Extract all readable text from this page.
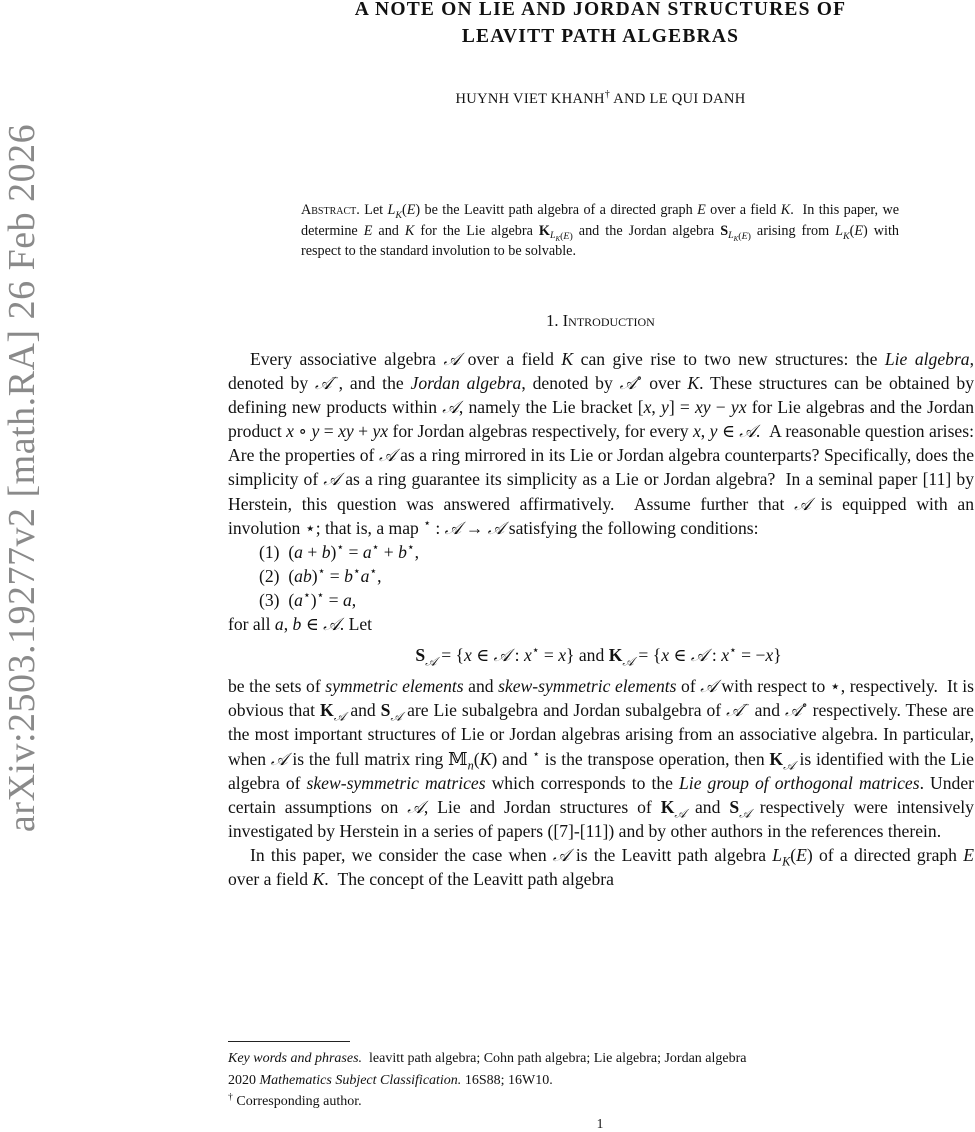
arXiv:2503.19277v2 [math.RA] 26 Feb 2026
A NOTE ON LIE AND JORDAN STRUCTURES OF
LEAVITT PATH ALGEBRAS
HUYNH VIET KHANH† AND LE QUI DANH
Abstract. Let $L_K(E)$ be the Leavitt path algebra of a directed graph E over a field K.  In this paper, we determine E and K for the Lie algebra $K_{L_K(E)}$ and the Jordan algebra $S_{L_K(E)}$ arising from $L_K(E)$ with respect to the standard involution to be solvable.
1. Introduction

Every associative algebra 𝒜 over a field K can give rise to two new structures: the Lie algebra, denoted by 𝒜−, and the Jordan algebra, denoted by 𝒜∘ over K. These structures can be obtained by defining new products within 𝒜, namely the Lie bracket [x, y] = xy − yx for Lie algebras and the Jordan product x ∘ y = xy + yx for Jordan algebras respectively, for every x, y ∈ 𝒜.  A reasonable question arises: Are the properties of 𝒜 as a ring mirrored in its Lie or Jordan algebra counterparts? Specifically, does the simplicity of 𝒜 as a ring guarantee its simplicity as a Lie or Jordan algebra?  In a seminal paper [11] by Herstein, this question was answered affirmatively.  Assume further that 𝒜 is equipped with an involution ⋆; that is, a map ⋆ : 𝒜 → 𝒜 satisfying the following conditions:

(1) (a + b)⋆ = a⋆ + b⋆,
(2) (ab)⋆ = b⋆a⋆,
(3) (a⋆)⋆ = a,

for all a, b ∈ 𝒜. Let

$S_𝒜 = \{x$ ∈ 𝒜 : x⋆ = x} and $K_𝒜 = \{x$ ∈ 𝒜 : x⋆ = −x}

be the sets of symmetric elements and skew-symmetric elements of 𝒜 with respect to ⋆, respectively.  It is obvious that $K_𝒜$ and $S_𝒜$ are Lie subalgebra and Jordan subalgebra of 𝒜− and 𝒜∘ respectively. These are the most important structures of Lie or Jordan algebras arising from an associative algebra. In particular, when 𝒜 is the full matrix ring 𝕄$_n$(K) and ⋆ is the transpose operation, then $K_𝒜$ is identified with the Lie algebra of skew-symmetric matrices which corresponds to the Lie group of orthogonal matrices. Under certain assumptions on 𝒜, Lie and Jordan structures of $K_𝒜$ and $S_𝒜$ respectively were intensively investigated by Herstein in a series of papers ([7]-[11]) and by other authors in the references therein.

In this paper, we consider the case when 𝒜 is the Leavitt path algebra $L_K(E)$ of a directed graph E over a field K.  The concept of the Leavitt path algebra

Key words and phrases. leavitt path algebra; Cohn path algebra; Lie algebra; Jordan algebra

2020 Mathematics Subject Classification. 16S88; 16W10.

† Corresponding author.

1
